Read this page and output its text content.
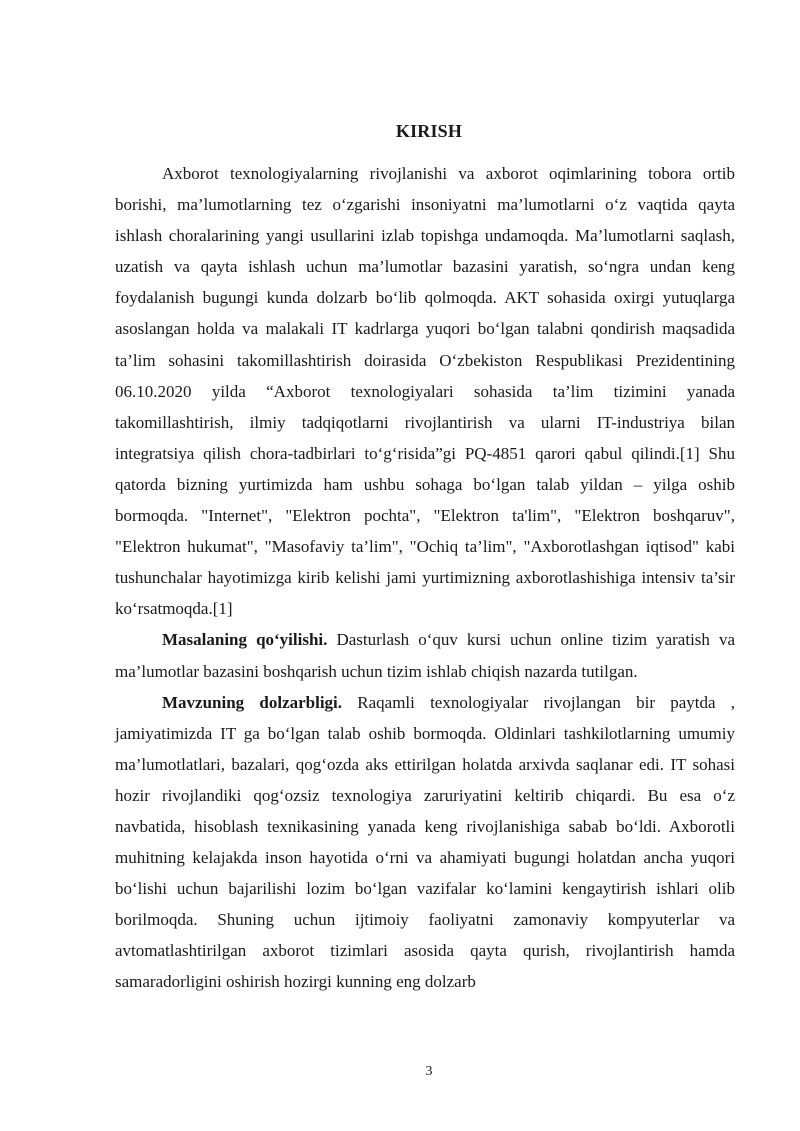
KIRISH

Axborot texnologiyalarning rivojlanishi va axborot oqimlarining tobora ortib borishi, ma’lumotlarning tez o‘zgarishi insoniyatni ma’lumotlarni o‘z vaqtida qayta ishlash choralarining yangi usullarini izlab topishga undamoqda. Ma’lumotlarni saqlash, uzatish va qayta ishlash uchun ma’lumotlar bazasini yaratish, so‘ngra undan keng foydalanish bugungi kunda dolzarb bo‘lib qolmoqda. AKT sohasida oxirgi yutuqlarga asoslangan holda va malakali IT kadrlarga yuqori bo‘lgan talabni qondirish maqsadida ta’lim sohasini takomillashtirish doirasida O‘zbekiston Respublikasi Prezidentining 06.10.2020 yilda “Axborot texnologiyalari sohasida ta’lim tizimini yanada takomillashtirish, ilmiy tadqiqotlarni rivojlantirish va ularni IT-industriya bilan integratsiya qilish chora-tadbirlari to‘g‘risida”gi PQ-4851 qarori qabul qilindi.[1] Shu qatorda bizning yurtimizda ham ushbu sohaga bo‘lgan talab yildan – yilga oshib bormoqda. "Internet", "Elektron pochta", "Elektron ta'lim", "Elektron boshqaruv", "Elektron hukumat", "Masofaviy ta’lim", "Ochiq ta’lim", "Axborotlashgan iqtisod" kabi tushunchalar hayotimizga kirib kelishi jami yurtimizning axborotlashishiga intensiv ta’sir ko‘rsatmoqda.[1]

Masalaning qo‘yilishi. Dasturlash o‘quv kursi uchun online tizim yaratish va ma’lumotlar bazasini boshqarish uchun tizim ishlab chiqish nazarda tutilgan.

Mavzuning dolzarbligi. Raqamli texnologiyalar rivojlangan bir paytda , jamiyatimizda IT ga bo‘lgan talab oshib bormoqda. Oldinlari tashkilotlarning umumiy ma’lumotlatlari, bazalari, qog‘ozda aks ettirilgan holatda arxivda saqlanar edi. IT sohasi hozir rivojlandiki qog‘ozsiz texnologiya zaruriyatini keltirib chiqardi. Bu esa o‘z navbatida, hisoblash texnikasining yanada keng rivojlanishiga sabab bo‘ldi. Axborotli muhitning kelajakda inson hayotida o‘rni va ahamiyati bugungi holatdan ancha yuqori bo‘lishi uchun bajarilishi lozim bo‘lgan vazifalar ko‘lamini kengaytirish ishlari olib borilmoqda. Shuning uchun ijtimoiy faoliyatni zamonaviy kompyuterlar va avtomatlashtirilgan axborot tizimlari asosida qayta qurish, rivojlantirish hamda samaradorligini oshirish hozirgi kunning eng dolzarb

3
